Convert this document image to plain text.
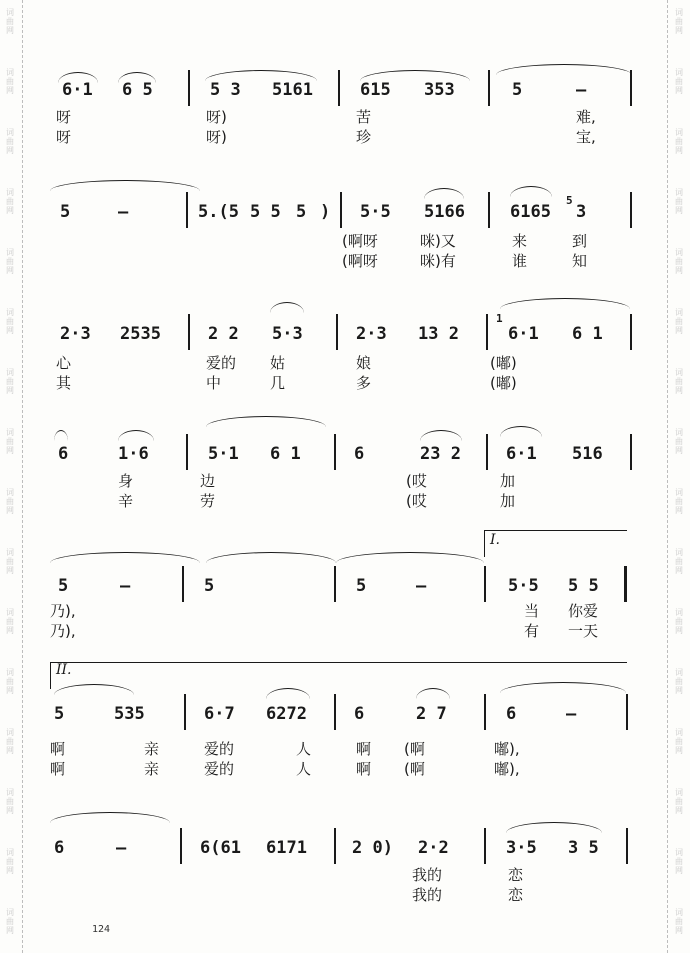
词
曲
网
词
曲
网
词
曲
网
词
曲
网
词
曲
网
词
曲
网
词
曲
网
词
曲
网
词
曲
网
词
曲
网
词
曲
网
词
曲
网
词
曲
网
词
曲
网
词
曲
网
词
曲
网
词
曲
网
词
曲
网
词
曲
网
词
曲
网
词
曲
网
词
曲
网
词
曲
网
词
曲
网
词
曲
网
词
曲
网
词
曲
网
词
曲
网
词
曲
网
词
曲
网
词
曲
网
词
曲
网
6·1 6 5	5 3 5161	615 353	5	–
呀	呀)	苦	难,
呀	呀)	珍	宝,
5	–	5.(5 5 5 5 ) 5·5 5166	6165
5
3
(啊呀	咪)又	来	到
(啊呀	咪)有	谁	知
2·3 2535	2 2 5·3	2·3 13 2
1
6·1 6 1
心	爱的 姑	娘	(嘟)
其	中	几	多	(嘟)
6	1·6	5·1 6 1	6	23 2	6·1 516
身	边	(哎	加
辛	劳	(哎	加
I.
5	–	5	5	–	5·5 5 5
乃),	当 你爱
乃),	有 一天
II.
5	535	6·7 6272	6	2 7	6	–
啊	亲	爱的	人	啊 (啊	嘟),
啊	亲	爱的	人	啊 (啊	嘟),
6	–	6(61 6171	2 0) 2·2	3·5 3 5
我的	恋
我的	恋
124
